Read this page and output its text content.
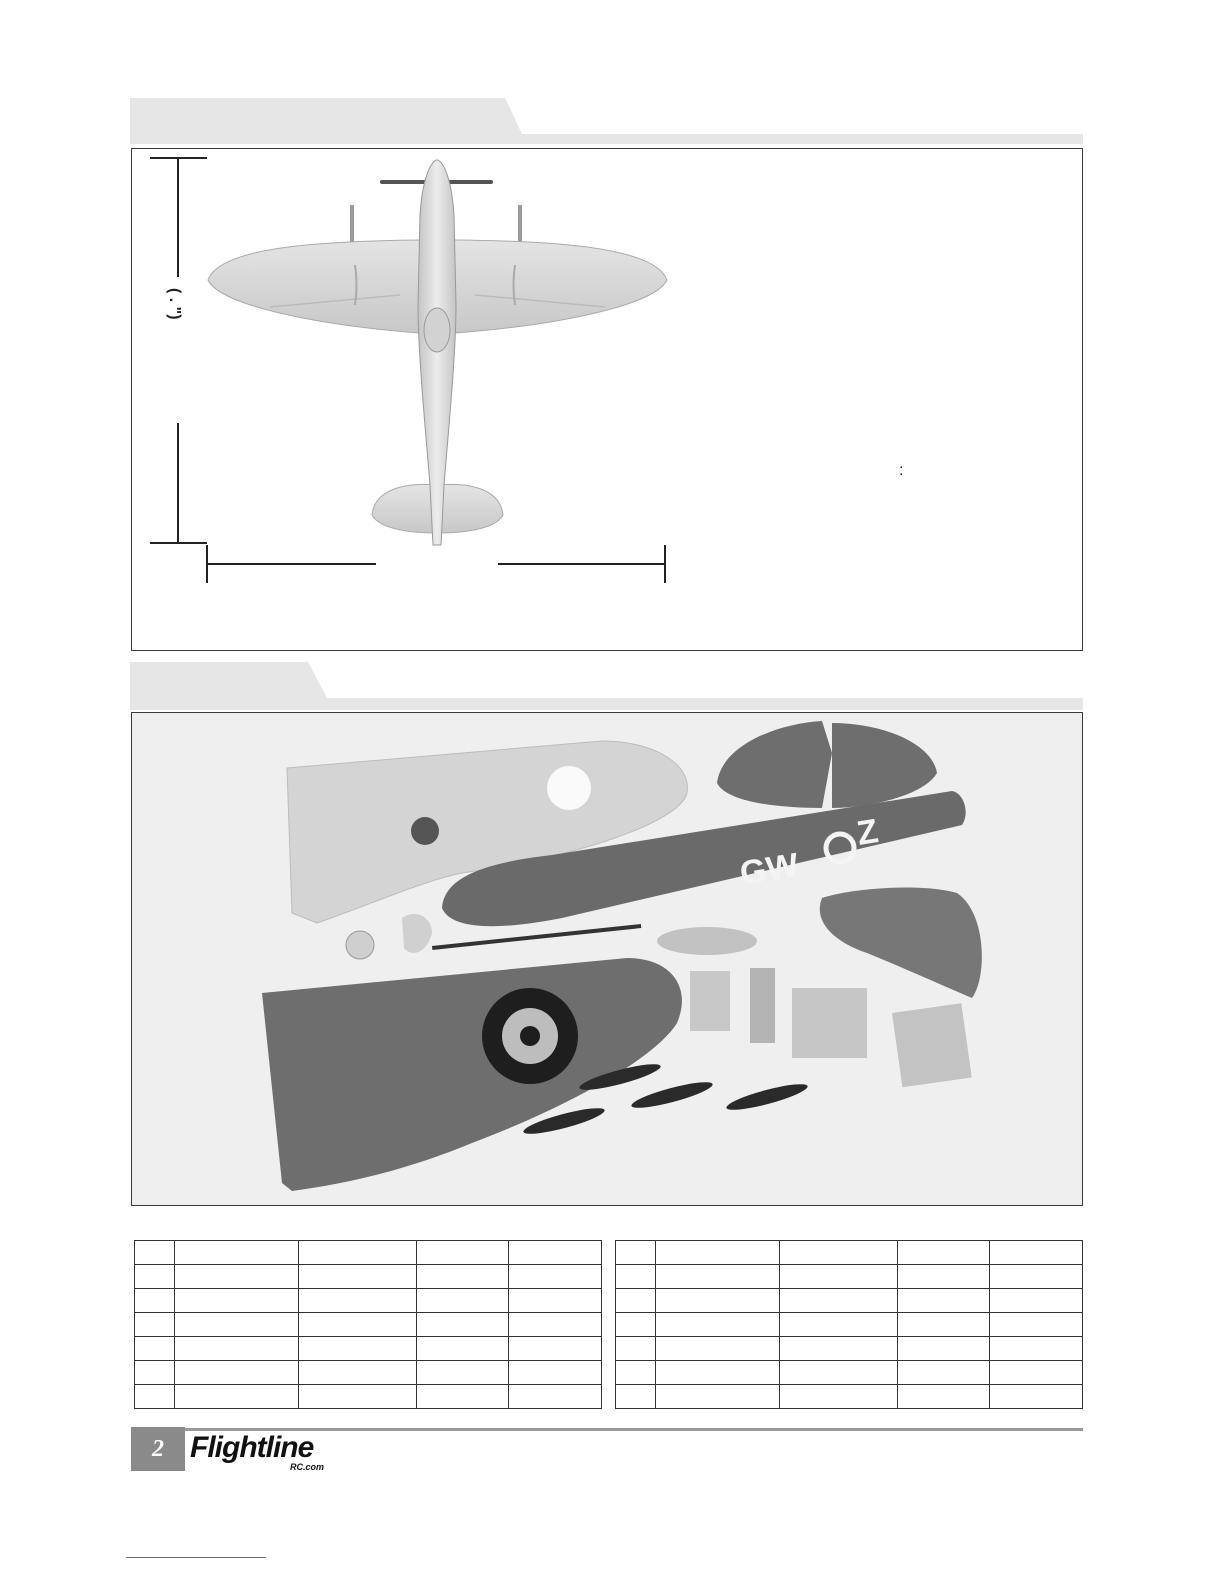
( . ")
:
GW
Z

2 Flightline
RC.com
